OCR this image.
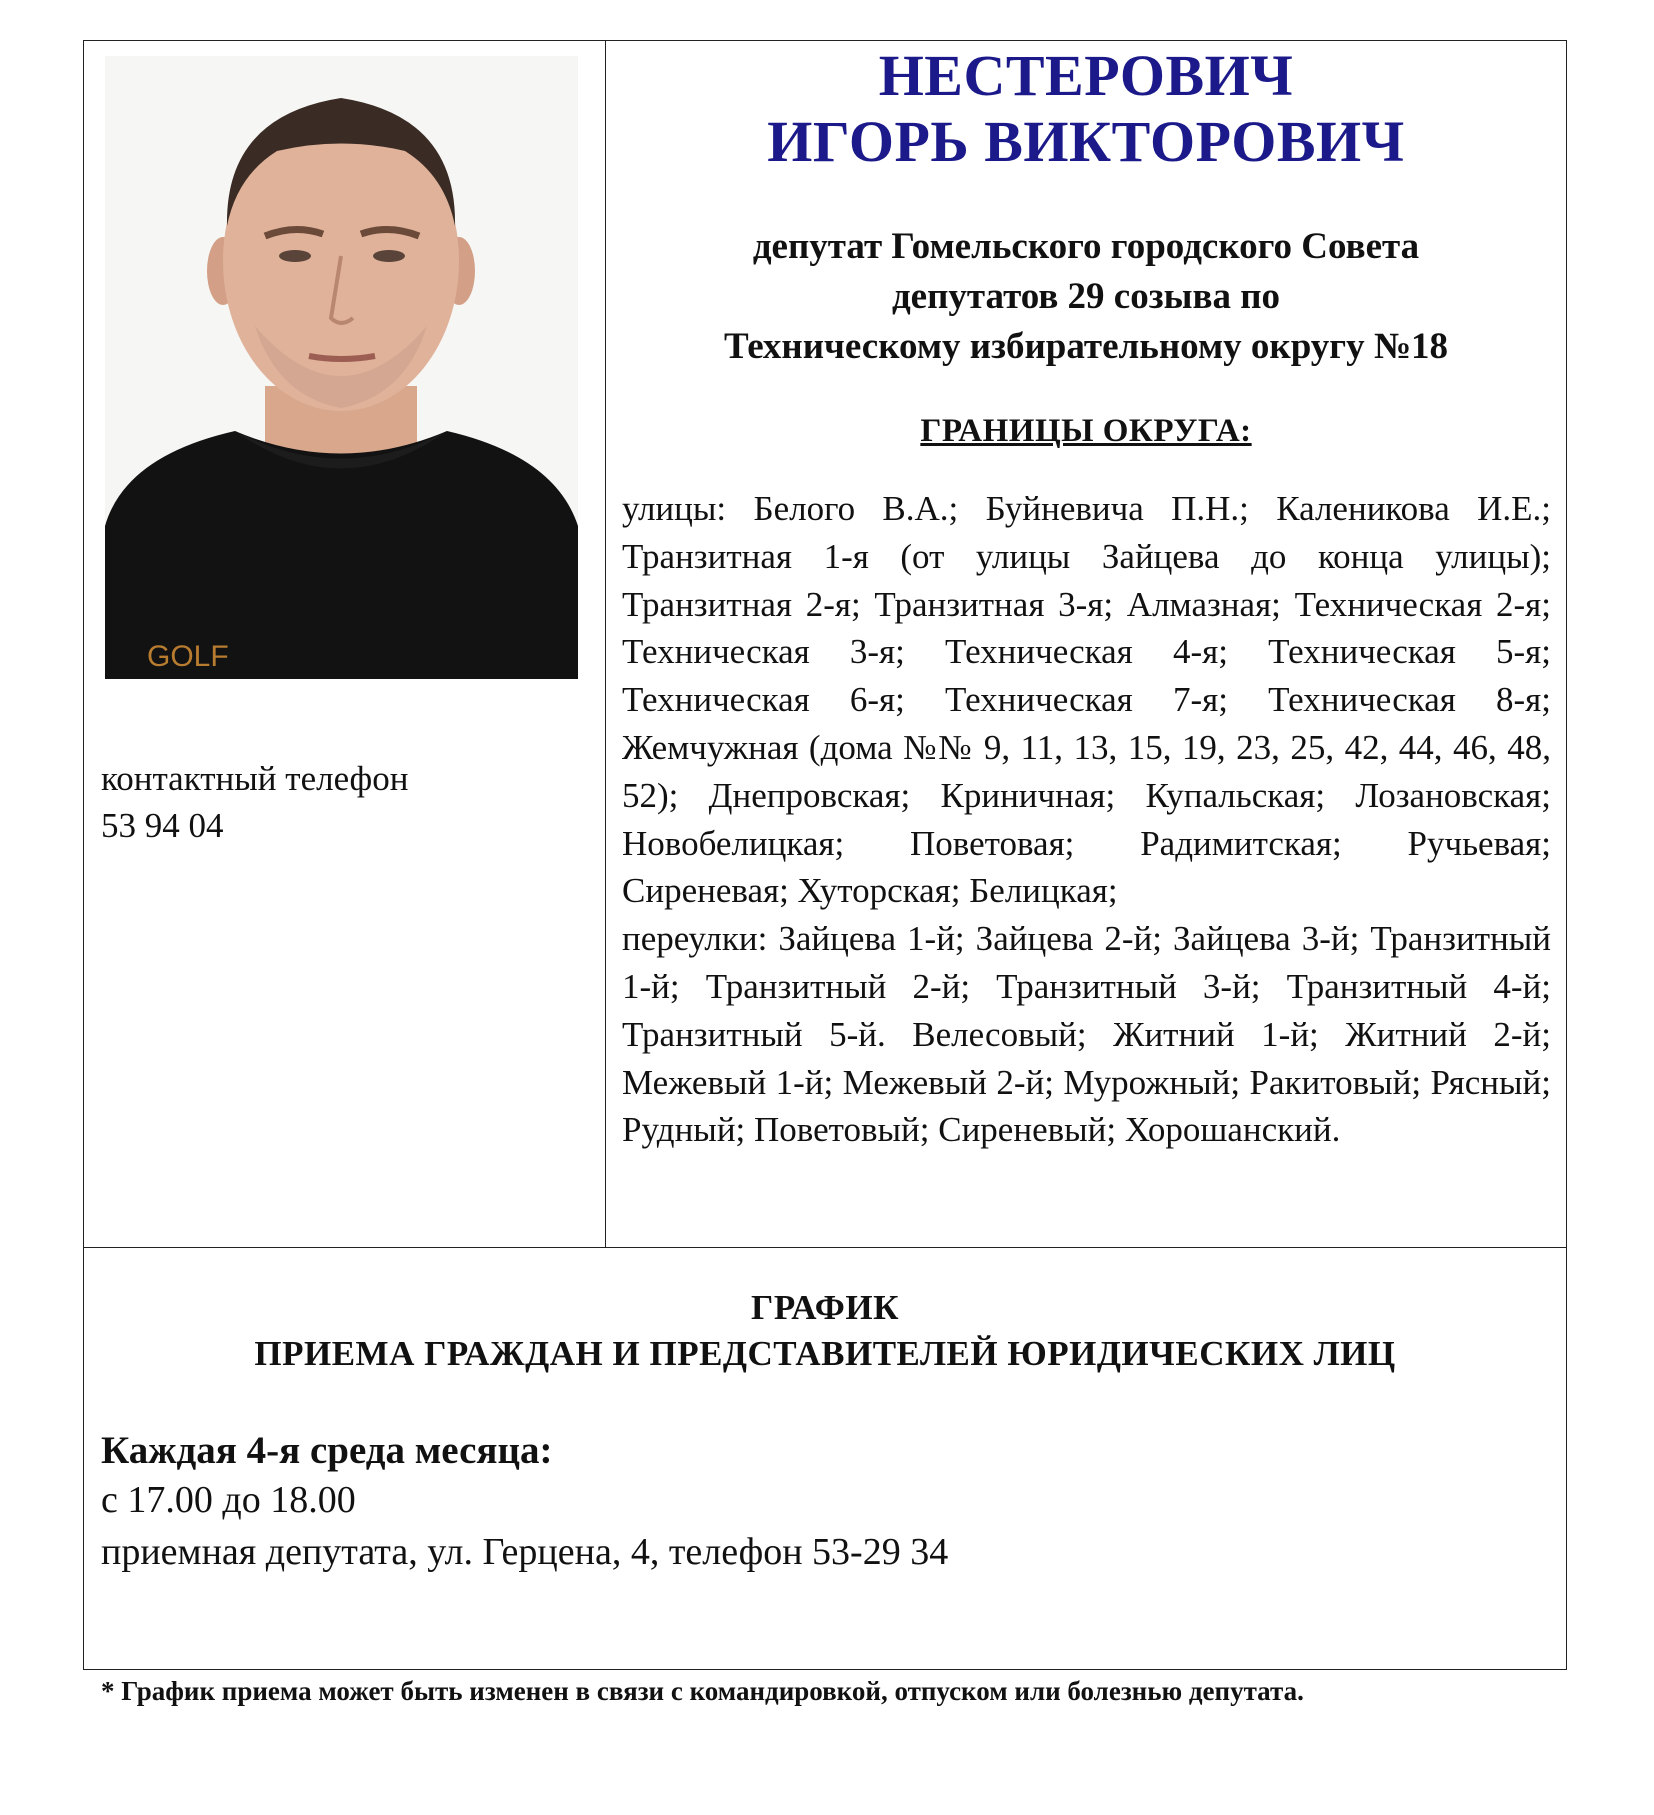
GOLF
контактный телефон
53 94 04
НЕСТЕРОВИЧ
ИГОРЬ ВИКТОРОВИЧ
депутат Гомельского городского Совета
депутатов 29 созыва по
Техническому избирательному округу №18
ГРАНИЦЫ ОКРУГА:

улицы: Белого В.А.; Буйневича П.Н.; Каленикова И.Е.; Транзитная 1-я (от улицы Зайцева до конца улицы); Транзитная 2-я; Транзитная 3-я; Алмазная; Техническая 2-я; Техническая 3-я; Техническая 4-я; Техническая 5-я; Техническая 6-я; Техническая 7-я; Техническая 8-я; Жемчужная (дома №№ 9, 11, 13, 15, 19, 23, 25, 42, 44, 46, 48, 52); Днепровская; Криничная; Купальская; Лозановская; Новобелицкая; Поветовая; Радимитская; Ручьевая; Сиреневая; Хуторская; Белицкая;

переулки: Зайцева 1-й; Зайцева 2-й; Зайцева 3-й; Транзитный 1-й; Транзитный 2-й; Транзитный 3-й; Транзитный 4-й; Транзитный 5-й. Велесовый; Житний 1-й; Житний 2-й; Межевый 1-й; Межевый 2-й; Мурожный; Ракитовый; Рясный; Рудный; Поветовый; Сиреневый; Хорошанский.

ГРАФИК
ПРИЕМА ГРАЖДАН И ПРЕДСТАВИТЕЛЕЙ ЮРИДИЧЕСКИХ ЛИЦ
Каждая 4-я среда месяца:
с 17.00 до 18.00
приемная депутата, ул. Герцена, 4, телефон 53-29 34
* График приема может быть изменен в связи с командировкой, отпуском или болезнью депутата.
